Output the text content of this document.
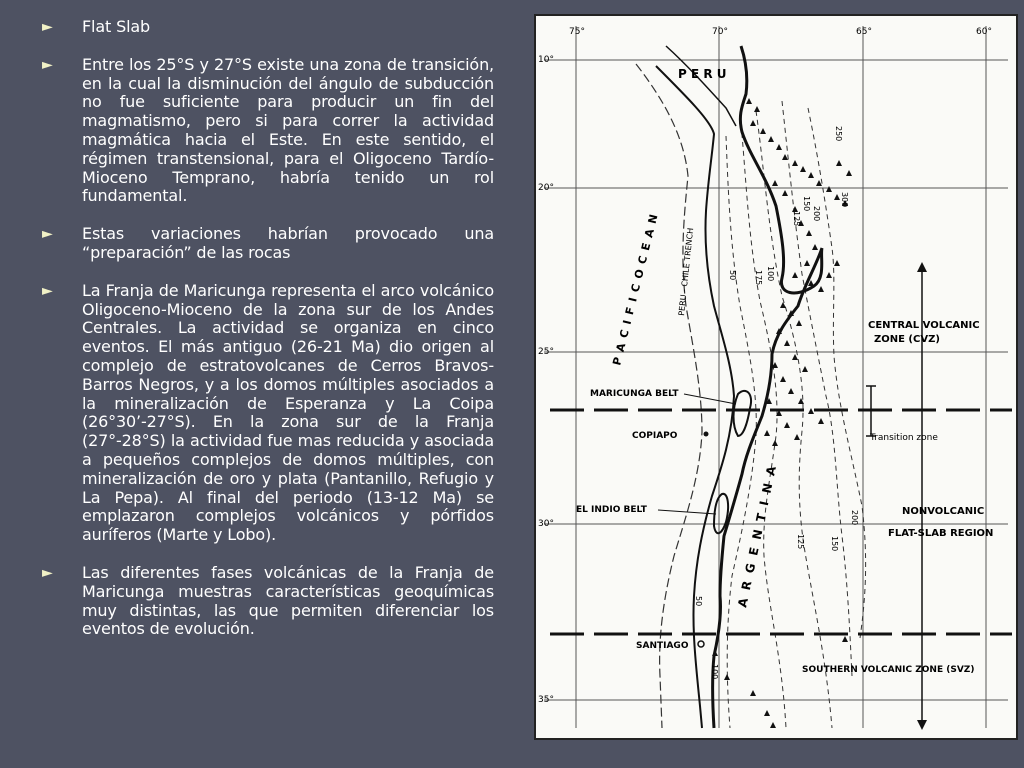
►	Flat Slab
►	Entre los 25°S y 27°S existe una zona de transición, en la cual la disminución del ángulo de subducción no fue suficiente para producir un fin del magmatismo, pero si para correr la actividad magmática hacia el Este. En este sentido, el régimen transtensional, para el Oligoceno Tardío-Mioceno Temprano, habría tenido un rol fundamental.
►	Estas variaciones habrían provocado una “preparación” de las rocas
►	La Franja de Maricunga representa el arco volcánico Oligoceno-Mioceno de la zona sur de los Andes Centrales. La actividad se organiza en cinco eventos. El más antiguo (26-21 Ma) dio origen al complejo de estratovolcanes de Cerros Bravos-Barros Negros, y a los domos múltiples asociados a la mineralización de Esperanza y La Coipa (26°30’-27°S). En la zona sur de la Franja (27°-28°S) la actividad fue mas reducida y asociada a pequeños complejos de domos múltiples, con mineralización de oro y plata (Pantanillo, Refugio y La Pepa). Al final del periodo (13-12 Ma) se emplazaron complejos volcánicos y pórfidos auríferos (Marte y Lobo).
►	Las diferentes fases volcánicas de la Franja de Maricunga muestras características geoquímicas muy distintas, las que permiten diferenciar los eventos de evolución.
75°	70°	65°	60°
10°
20°
25°
30°
35°
P E R U
P A C I F I C O C E A N PERU - CHILE TRENCH
A R G E N T I N A
CENTRAL VOLCANIC
ZONE (CVZ)
MARICUNGA BELT
COPIAPO	Transition zone
EL INDIO BELT	NONVOLCANIC
FLAT-SLAB REGION
SANTIAGO
SOUTHERN VOLCANIC ZONE (SVZ)
50	100
125
150
175
200
250
300
50
125	150
200
100
